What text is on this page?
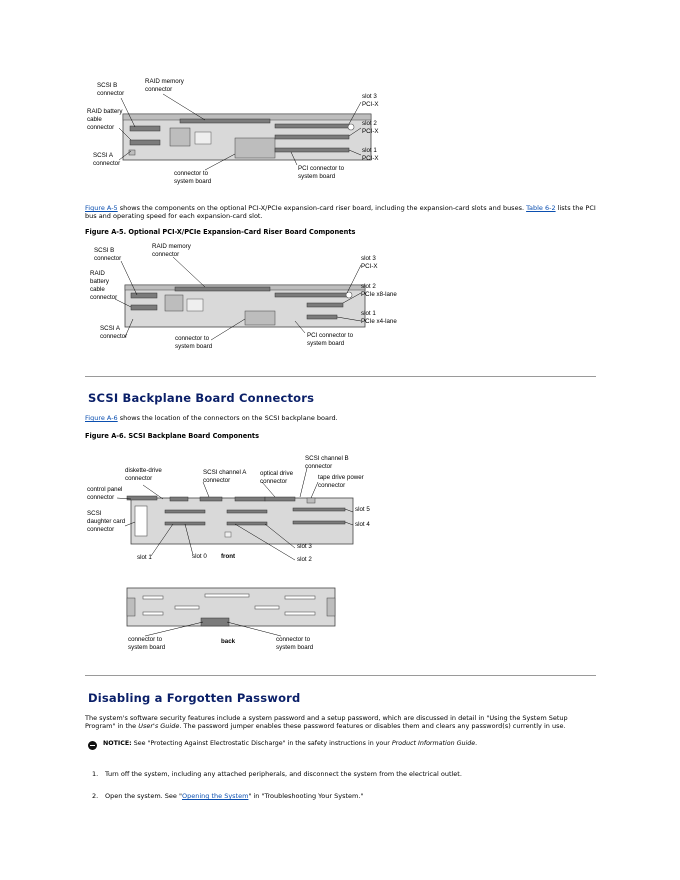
SCSI B
connector
RAID memory
connector
RAID battery
cable
connector
SCSI A
connector
connector to
system board
PCI connector to
system board
slot 3
PCI-X
slot 2
PCI-X
slot 1
PCI-X
Figure A-5 shows the components on the optional PCI-X/PCIe expansion-card riser board, including the expansion-card slots and buses. Table 6-2 lists the PCI bus and operating speed for each expansion-card slot.
Figure A-5. Optional PCI-X/PCIe Expansion-Card Riser Board Components
SCSI B
connector
RAID memory
connector
RAID
battery
cable
connector
SCSI A
connector	connector to
system board
PCI connector to
system board
slot 3
PCI-X
slot 2
PCIe x8-lane
slot 1
PCIe x4-lane
SCSI Backplane Board Connectors
Figure A-6 shows the location of the connectors on the SCSI backplane board.
Figure A-6. SCSI Backplane Board Components
diskette-drive
connector
SCSI channel A
connector
optical drive
connector
SCSI channel B
connector
tape drive power
connector
control panel
connector
SCSI
daughter card
connector
slot 5
slot 4
slot 3
slot 2
slot 1	slot 0 front
connector to
system board
back	connector to
system board
Disabling a Forgotten Password
The system's software security features include a system password and a setup password, which are discussed in detail in "Using the System Setup Program" in the User's Guide. The password jumper enables these password features or disables them and clears any password(s) currently in use.
NOTICE: See "Protecting Against Electrostatic Discharge" in the safety instructions in your Product Information Guide.
1. Turn off the system, including any attached peripherals, and disconnect the system from the electrical outlet.
2. Open the system. See "Opening the System" in "Troubleshooting Your System."
